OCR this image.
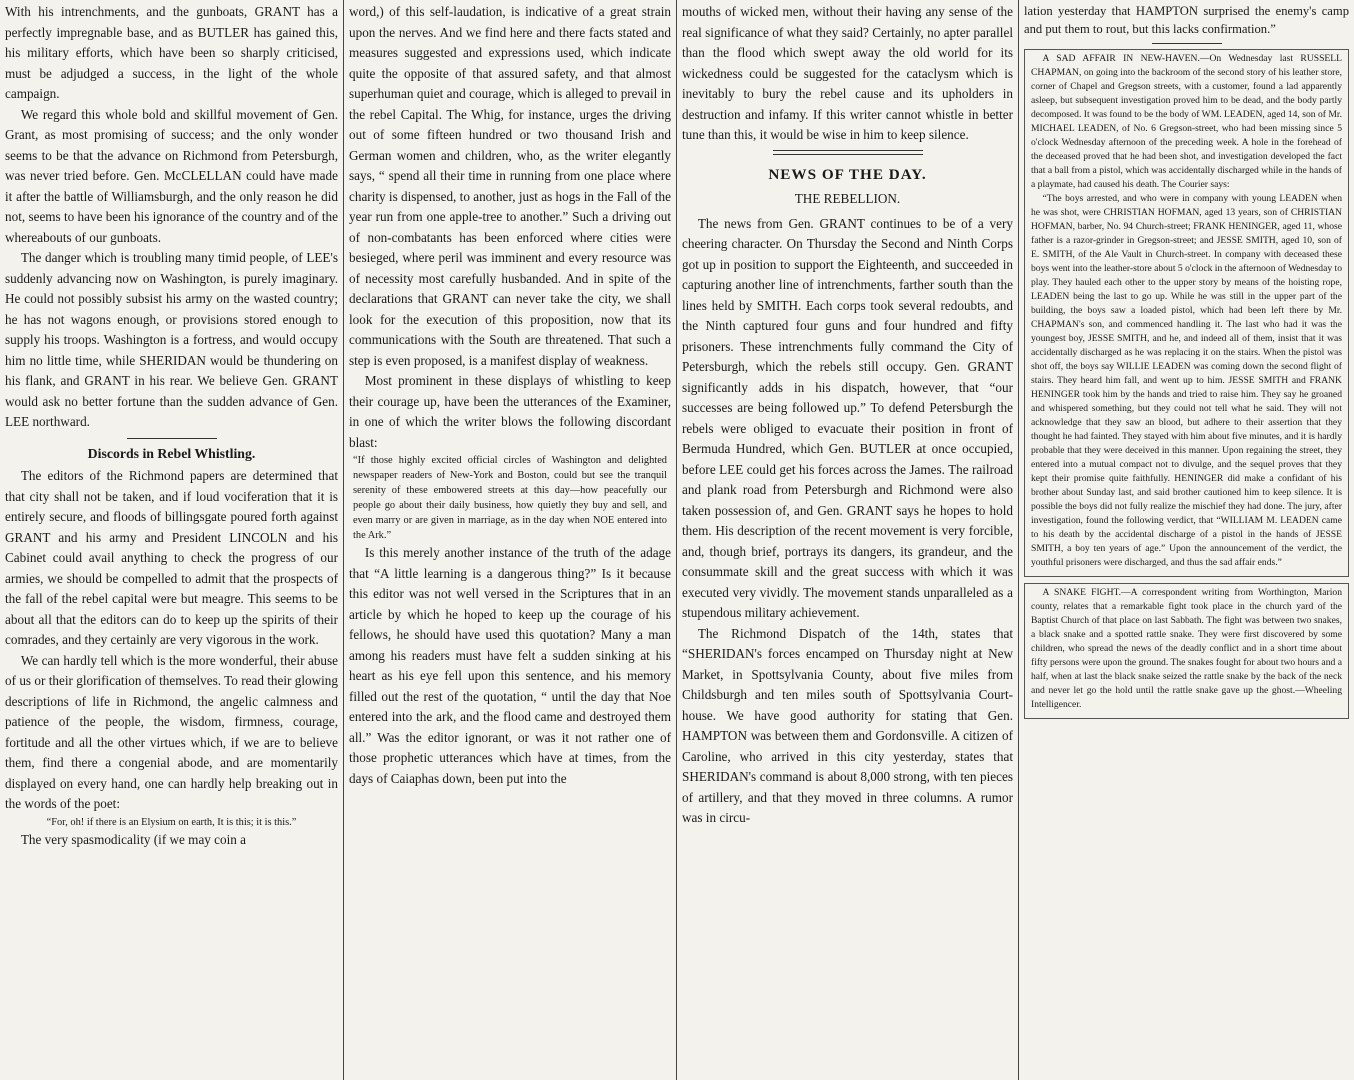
With his intrenchments, and the gunboats, GRANT has a perfectly impregnable base, and as BUTLER has gained this, his military efforts, which have been so sharply criticised, must be adjudged a success, in the light of the whole campaign.

We regard this whole bold and skillful movement of Gen. Grant, as most promising of success; and the only wonder seems to be that the advance on Richmond from Petersburgh, was never tried before. Gen. McCLELLAN could have made it after the battle of Williamsburgh, and the only reason he did not, seems to have been his ignorance of the country and of the whereabouts of our gunboats.

The danger which is troubling many timid people, of LEE's suddenly advancing now on Washington, is purely imaginary. He could not possibly subsist his army on the wasted country; he has not wagons enough, or provisions stored enough to supply his troops. Washington is a fortress, and would occupy him no little time, while SHERIDAN would be thundering on his flank, and GRANT in his rear. We believe Gen. GRANT would ask no better fortune than the sudden advance of Gen. LEE northward.

Discords in Rebel Whistling.

The editors of the Richmond papers are determined that that city shall not be taken, and if loud vociferation that it is entirely secure, and floods of billingsgate poured forth against GRANT and his army and President LINCOLN and his Cabinet could avail anything to check the progress of our armies, we should be compelled to admit that the prospects of the fall of the rebel capital were but meagre. This seems to be about all that the editors can do to keep up the spirits of their comrades, and they certainly are very vigorous in the work.

We can hardly tell which is the more wonderful, their abuse of us or their glorification of themselves. To read their glowing descriptions of life in Richmond, the angelic calmness and patience of the people, the wisdom, firmness, courage, fortitude and all the other virtues which, if we are to believe them, find there a congenial abode, and are momentarily displayed on every hand, one can hardly help breaking out in the words of the poet:

“For, oh! if there is an Elysium on earth, It is this; it is this.”

The very spasmodicality (if we may coin a

word,) of this self-laudation, is indicative of a great strain upon the nerves. And we find here and there facts stated and measures suggested and expressions used, which indicate quite the opposite of that assured safety, and that almost superhuman quiet and courage, which is alleged to prevail in the rebel Capital. The Whig, for instance, urges the driving out of some fifteen hundred or two thousand Irish and German women and children, who, as the writer elegantly says, “ spend all their time in running from one place where charity is dispensed, to another, just as hogs in the Fall of the year run from one apple-tree to another.” Such a driving out of non-combatants has been enforced where cities were besieged, where peril was imminent and every resource was of necessity most carefully husbanded. And in spite of the declarations that GRANT can never take the city, we shall look for the execution of this proposition, now that its communications with the South are threatened. That such a step is even proposed, is a manifest display of weakness.

Most prominent in these displays of whistling to keep their courage up, have been the utterances of the Examiner, in one of which the writer blows the following discordant blast:

“If those highly excited official circles of Washington and delighted newspaper readers of New-York and Boston, could but see the tranquil serenity of these embowered streets at this day—how peacefully our people go about their daily business, how quietly they buy and sell, and even marry or are given in marriage, as in the day when NOE entered into the Ark.”

Is this merely another instance of the truth of the adage that “A little learning is a dangerous thing?” Is it because this editor was not well versed in the Scriptures that in an article by which he hoped to keep up the courage of his fellows, he should have used this quotation? Many a man among his readers must have felt a sudden sinking at his heart as his eye fell upon this sentence, and his memory filled out the rest of the quotation, “ until the day that Noe entered into the ark, and the flood came and destroyed them all.” Was the editor ignorant, or was it not rather one of those prophetic utterances which have at times, from the days of Caiaphas down, been put into the

mouths of wicked men, without their having any sense of the real significance of what they said? Certainly, no apter parallel than the flood which swept away the old world for its wickedness could be suggested for the cataclysm which is inevitably to bury the rebel cause and its upholders in destruction and infamy. If this writer cannot whistle in better tune than this, it would be wise in him to keep silence.

NEWS OF THE DAY.
THE REBELLION.

The news from Gen. GRANT continues to be of a very cheering character. On Thursday the Second and Ninth Corps got up in position to support the Eighteenth, and succeeded in capturing another line of intrenchments, farther south than the lines held by SMITH. Each corps took several redoubts, and the Ninth captured four guns and four hundred and fifty prisoners. These intrenchments fully command the City of Petersburgh, which the rebels still occupy. Gen. GRANT significantly adds in his dispatch, however, that “our successes are being followed up.” To defend Petersburgh the rebels were obliged to evacuate their position in front of Bermuda Hundred, which Gen. BUTLER at once occupied, before LEE could get his forces across the James. The railroad and plank road from Petersburgh and Richmond were also taken possession of, and Gen. GRANT says he hopes to hold them. His description of the recent movement is very forcible, and, though brief, portrays its dangers, its grandeur, and the consummate skill and the great success with which it was executed very vividly. The movement stands unparalleled as a stupendous military achievement.

The Richmond Dispatch of the 14th, states that “SHERIDAN's forces encamped on Thursday night at New Market, in Spottsylvania County, about five miles from Childsburgh and ten miles south of Spottsylvania Court-house. We have good authority for stating that Gen. HAMPTON was between them and Gordonsville. A citizen of Caroline, who arrived in this city yesterday, states that SHERIDAN's command is about 8,000 strong, with ten pieces of artillery, and that they moved in three columns. A rumor was in circu-

lation yesterday that HAMPTON surprised the enemy's camp and put them to rout, but this lacks confirmation.”

A SAD AFFAIR IN NEW-HAVEN.—On Wednesday last RUSSELL CHAPMAN, on going into the backroom of the second story of his leather store, corner of Chapel and Gregson streets, with a customer, found a lad apparently asleep, but subsequent investigation proved him to be dead, and the body partly decomposed. It was found to be the body of WM. LEADEN, aged 14, son of Mr. MICHAEL LEADEN, of No. 6 Gregson-street, who had been missing since 5 o'clock Wednesday afternoon of the preceding week. A hole in the forehead of the deceased proved that he had been shot, and investigation developed the fact that a ball from a pistol, which was accidentally discharged while in the hands of a playmate, had caused his death. The Courier says:

“The boys arrested, and who were in company with young LEADEN when he was shot, were CHRISTIAN HOFMAN, aged 13 years, son of CHRISTIAN HOFMAN, barber, No. 94 Church-street; FRANK HENINGER, aged 11, whose father is a razor-grinder in Gregson-street; and JESSE SMITH, aged 10, son of E. SMITH, of the Ale Vault in Church-street. In company with deceased these boys went into the leather-store about 5 o'clock in the afternoon of Wednesday to play. They hauled each other to the upper story by means of the hoisting rope, LEADEN being the last to go up. While he was still in the upper part of the building, the boys saw a loaded pistol, which had been left there by Mr. CHAPMAN's son, and commenced handling it. The last who had it was the youngest boy, JESSE SMITH, and he, and indeed all of them, insist that it was accidentally discharged as he was replacing it on the stairs. When the pistol was shot off, the boys say WILLIE LEADEN was coming down the second flight of stairs. They heard him fall, and went up to him. JESSE SMITH and FRANK HENINGER took him by the hands and tried to raise him. They say he groaned and whispered something, but they could not tell what he said. They will not acknowledge that they saw an blood, but adhere to their assertion that they thought he had fainted. They stayed with him about five minutes, and it is hardly probable that they were deceived in this manner. Upon regaining the street, they entered into a mutual compact not to divulge, and the sequel proves that they kept their promise quite faithfully. HENINGER did make a confidant of his brother about Sunday last, and said brother cautioned him to keep silence. It is possible the boys did not fully realize the mischief they had done. The jury, after investigation, found the following verdict, that “WILLIAM M. LEADEN came to his death by the accidental discharge of a pistol in the hands of JESSE SMITH, a boy ten years of age.” Upon the announcement of the verdict, the youthful prisoners were discharged, and thus the sad affair ends.”

A SNAKE FIGHT.—A correspondent writing from Worthington, Marion county, relates that a remarkable fight took place in the church yard of the Baptist Church of that place on last Sabbath. The fight was between two snakes, a black snake and a spotted rattle snake. They were first discovered by some children, who spread the news of the deadly conflict and in a short time about fifty persons were upon the ground. The snakes fought for about two hours and a half, when at last the black snake seized the rattle snake by the back of the neck and never let go the hold until the rattle snake gave up the ghost.—Wheeling Intelligencer.
